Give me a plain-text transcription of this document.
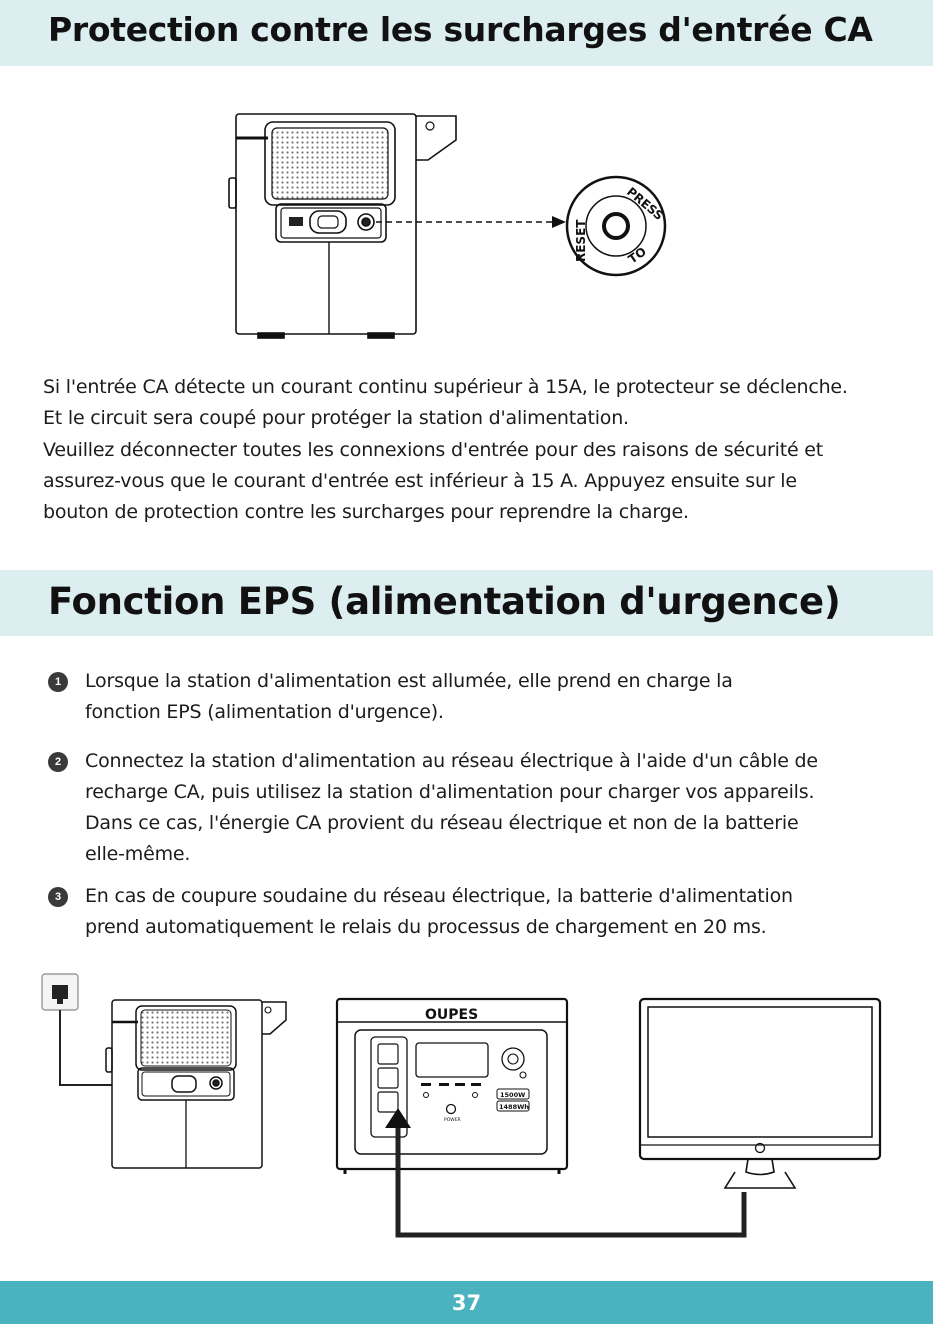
Protection contre les surcharges d'entrée CA
PRESS
RESET	TO

Si l'entrée CA détecte un courant continu supérieur à 15A, le protecteur se déclenche.
Et le circuit sera coupé pour protéger la station d'alimentation.
Veuillez déconnecter toutes les connexions d'entrée pour des raisons de sécurité et
assurez-vous que le courant d'entrée est inférieur à 15 A. Appuyez ensuite sur le
bouton de protection contre les surcharges pour reprendre la charge.

Fonction EPS (alimentation d'urgence)
1	Lorsque la station d'alimentation est allumée, elle prend en charge la
fonction EPS (alimentation d'urgence).
2	Connectez la station d'alimentation au réseau électrique à l'aide d'un câble de
recharge CA, puis utilisez la station d'alimentation pour charger vos appareils.
Dans ce cas, l'énergie CA provient du réseau électrique et non de la batterie
elle-même.
3	En cas de coupure soudaine du réseau électrique, la batterie d'alimentation
prend automatiquement le relais du processus de chargement en 20 ms.
OUPES
1500W
1488Wh
POWER
37
